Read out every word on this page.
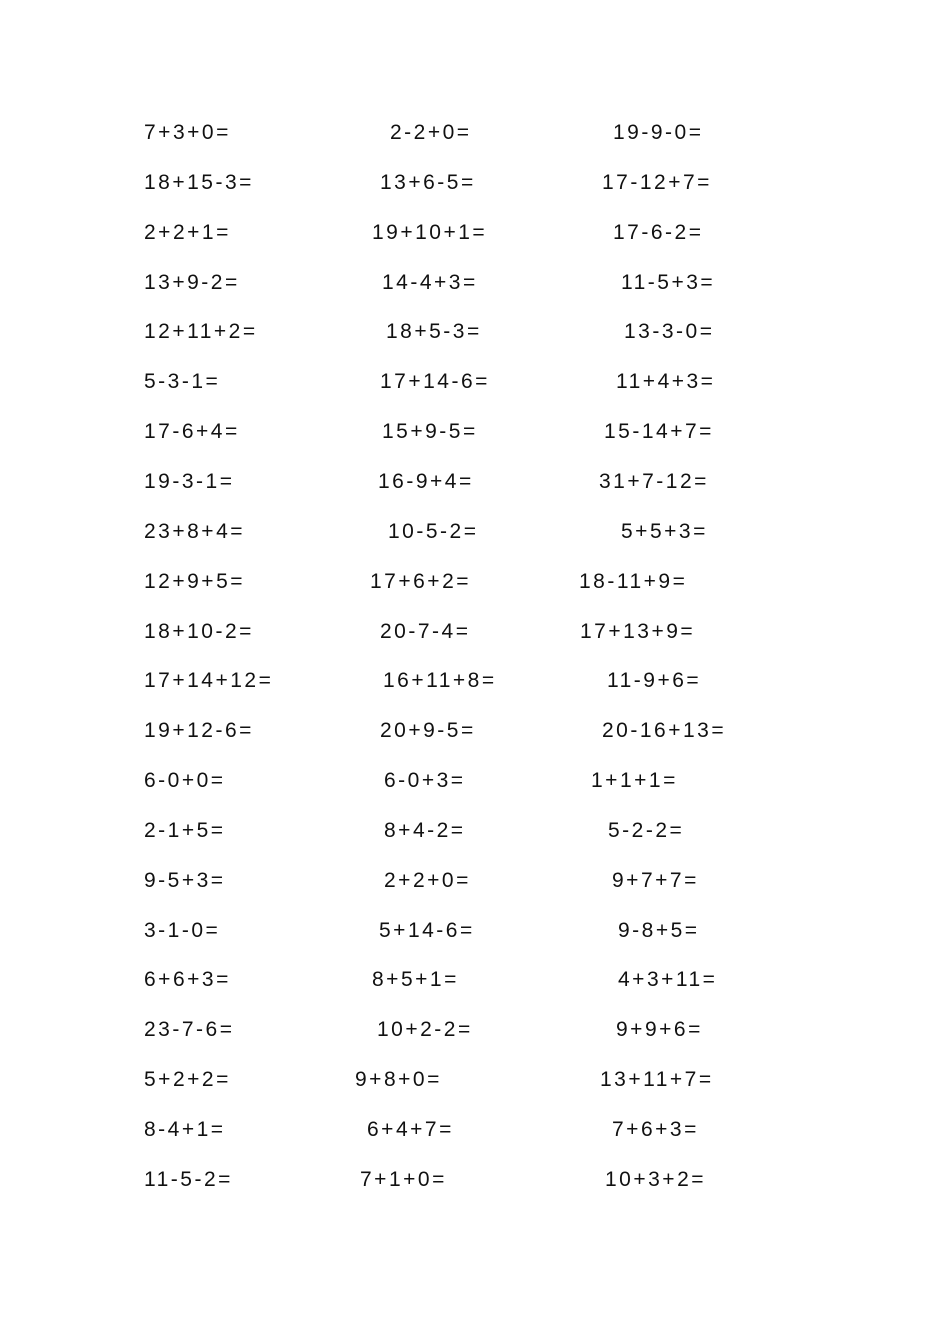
7+3+0=	2-2+0=	19-9-0=
18+15-3=	13+6-5=	17-12+7=
2+2+1=	19+10+1=	17-6-2=
13+9-2=	14-4+3=	11-5+3=
12+11+2=	18+5-3=	13-3-0=
5-3-1=	17+14-6=	11+4+3=
17-6+4=	15+9-5=	15-14+7=
19-3-1=	16-9+4=	31+7-12=
23+8+4=	10-5-2=	5+5+3=
12+9+5=	17+6+2=	18-11+9=
18+10-2=	20-7-4=	17+13+9=
17+14+12=	16+11+8=	11-9+6=
19+12-6=	20+9-5=	20-16+13=
6-0+0=	6-0+3=	1+1+1=
2-1+5=	8+4-2=	5-2-2=
9-5+3=	2+2+0=	9+7+7=
3-1-0=	5+14-6=	9-8+5=
6+6+3=	8+5+1=	4+3+11=
23-7-6=	10+2-2=	9+9+6=
5+2+2=	9+8+0=	13+11+7=
8-4+1=	6+4+7=	7+6+3=
11-5-2=	7+1+0=	10+3+2=
